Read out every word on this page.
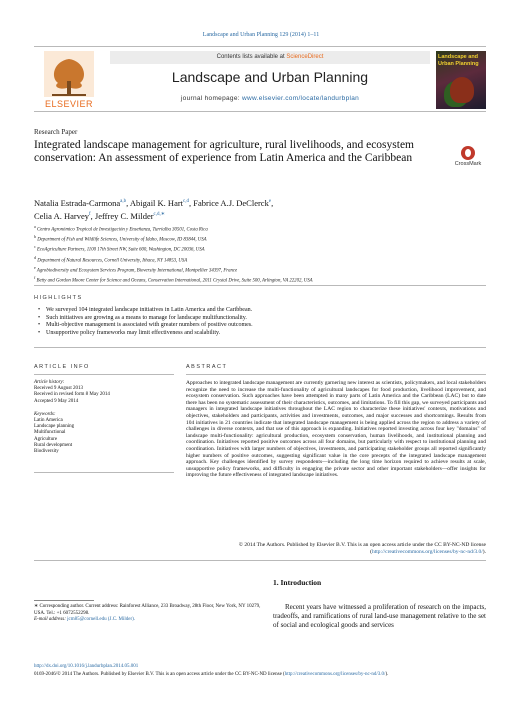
Landscape and Urban Planning 129 (2014) 1–11
ELSEVIER
Contents lists available at ScienceDirect
Landscape and Urban Planning
journal homepage: www.elsevier.com/locate/landurbplan
Landscape and Urban Planning
Research Paper
Integrated landscape management for agriculture, rural livelihoods, and ecosystem conservation: An assessment of experience from Latin America and the Caribbean	CrossMark
Natalia Estrada-Carmona$^{a,b}$, Abigail K. Hart$^{c,d}$, Fabrice A.J. DeClerck$^e$,
Celia A. Harvey$^f$, Jeffrey C. Milder$^{c,d,∗}$
$^a$ Centro Agronómico Tropical de Investigación y Enseñanza, Turrialba 30501, Costa Rica
$^b$ Department of Fish and Wildlife Sciences, University of Idaho, Moscow, ID 83844, USA
$^c$ EcoAgriculture Partners, 1100 17th Street NW, Suite 600, Washington, DC 20036, USA
$^d$ Department of Natural Resources, Cornell University, Ithaca, NY 14853, USA
$^e$ Agrobiodiversity and Ecosystem Services Program, Bioversity International, Montpellier 34397, France
$^f$ Betty and Gordon Moore Center for Science and Oceans, Conservation International, 2011 Crystal Drive, Suite 500, Arlington, VA 22202, USA
HIGHLIGHTS
• We surveyed 104 integrated landscape initiatives in Latin America and the Caribbean.
• Such initiatives are growing as a means to manage for landscape multifunctionality.
• Multi-objective management is associated with greater numbers of positive outcomes.
• Unsupportive policy frameworks may limit effectiveness and scalability.
ARTICLE INFO	ABSTRACT
Article history:
Received 9 August 2013
Received in revised form 8 May 2014
Accepted 9 May 2014
Keywords:
Latin America
Landscape planning
Multifunctional
Agriculture
Rural development
Biodiversity
Approaches to integrated landscape management are currently garnering new interest as scientists, policymakers, and local stakeholders recognize the need to increase the multi-functionality of agricultural landscapes for food production, livelihood improvement, and ecosystem conservation. Such approaches have been attempted in many parts of Latin America and the Caribbean (LAC) but to date there has been no systematic assessment of their characteristics, outcomes, and limitations. To fill this gap, we surveyed participants and managers in integrated landscape initiatives throughout the LAC region to characterize these initiatives' contexts, motivations and objectives, stakeholders and participants, activities and investments, outcomes, and major successes and shortcomings. Results from 104 initiatives in 21 countries indicate that integrated landscape management is being applied across the region to address a variety of challenges in diverse contexts, and that use of this approach is expanding. Initiatives reported investing across four key "domains" of landscape multi-functionality: agricultural production, ecosystem conservation, human livelihoods, and institutional planning and coordination. Initiatives reported positive outcomes across all four domains, but particularly with respect to institutional planning and coordination. Initiatives with larger numbers of objectives, investments, and participating stakeholder groups all reported significantly higher numbers of positive outcomes, suggesting significant value in the core precepts of the integrated landscape management approach. Key challenges identified by survey respondents—including the long time horizon required to achieve results at scale, unsupportive policy frameworks, and difficulty in engaging the private sector and other important stakeholders—offer insights for improving the future effectiveness of integrated landscape initiatives.
© 2014 The Authors. Published by Elsevier B.V. This is an open access article under the CC BY-NC-ND license (http://creativecommons.org/licenses/by-nc-nd/3.0/).
∗ Corresponding author. Current address: Rainforest Alliance, 233 Broadway, 28th Floor, New York, NY 10279, USA. Tel.: +1 6072552298.
E-mail address: jcm85@cornell.edu (J.C. Milder).
1. Introduction
Recent years have witnessed a proliferation of research on the impacts, tradeoffs, and ramifications of rural land-use management relative to the set of social and ecological goods and services
http://dx.doi.org/10.1016/j.landurbplan.2014.05.001
0169-2046/© 2014 The Authors. Published by Elsevier B.V. This is an open access article under the CC BY-NC-ND license (http://creativecommons.org/licenses/by-nc-nd/3.0/).
